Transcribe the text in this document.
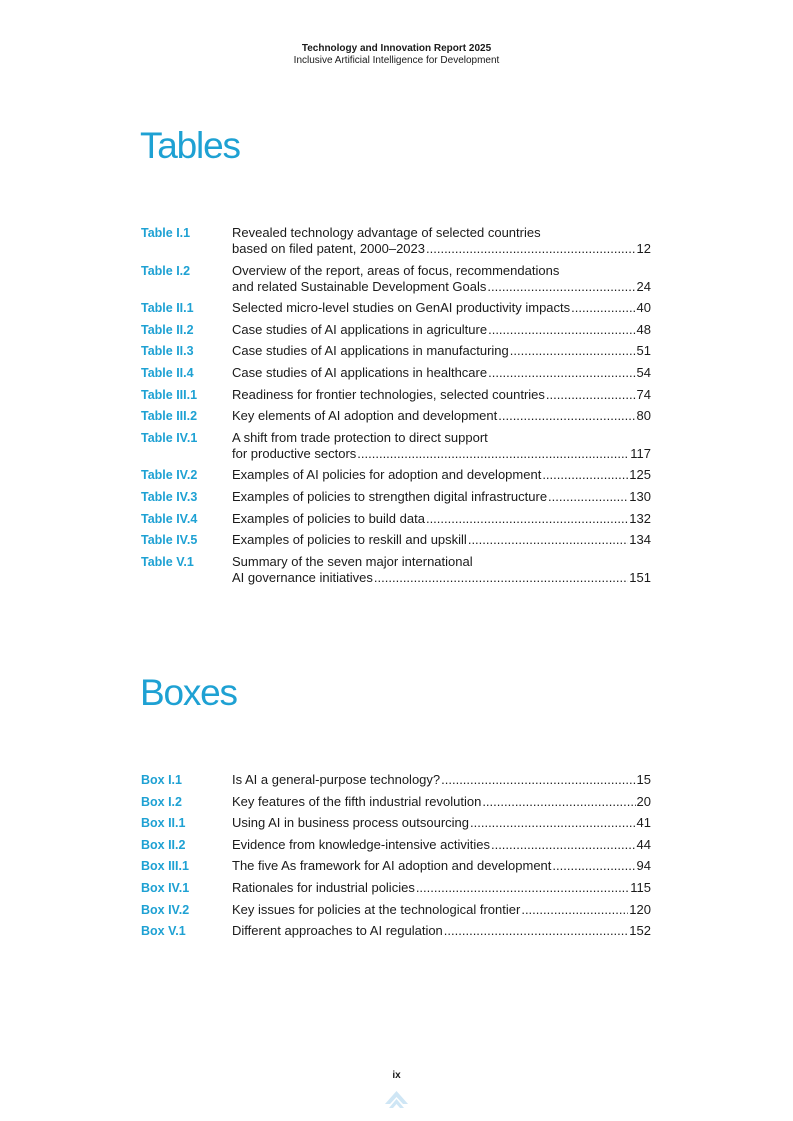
Technology and Innovation Report 2025
Inclusive Artificial Intelligence for Development
Tables
Table I.1	Revealed technology advantage of selected countries
based on filed patent, 2000–2023 .....	12
Table I.2	Overview of the report, areas of focus, recommendations
and related Sustainable Development Goals .....	24
Table II.1	Selected micro-level studies on GenAI productivity impacts .....	40
Table II.2	Case studies of AI applications in agriculture .....	48
Table II.3	Case studies of AI applications in manufacturing .....	51
Table II.4	Case studies of AI applications in healthcare .....	54
Table III.1	Readiness for frontier technologies, selected countries .....	74
Table III.2	Key elements of AI adoption and development .....	80
Table IV.1	A shift from trade protection to direct support
for productive sectors .....	117
Table IV.2	Examples of AI policies for adoption and development .....	125
Table IV.3	Examples of policies to strengthen digital infrastructure .....	130
Table IV.4	Examples of policies to build data .....	132
Table IV.5	Examples of policies to reskill and upskill .....	134
Table V.1	Summary of the seven major international
AI governance initiatives .....	151
Boxes
Box I.1	Is AI a general-purpose technology? .....	15
Box I.2	Key features of the fifth industrial revolution .....	20
Box II.1	Using AI in business process outsourcing .....	41
Box II.2	Evidence from knowledge-intensive activities .....	44
Box III.1	The five As framework for AI adoption and development .....	94
Box IV.1	Rationales for industrial policies .....	115
Box IV.2	Key issues for policies at the technological frontier .....	120
Box V.1	Different approaches to AI regulation .....	152
ix
